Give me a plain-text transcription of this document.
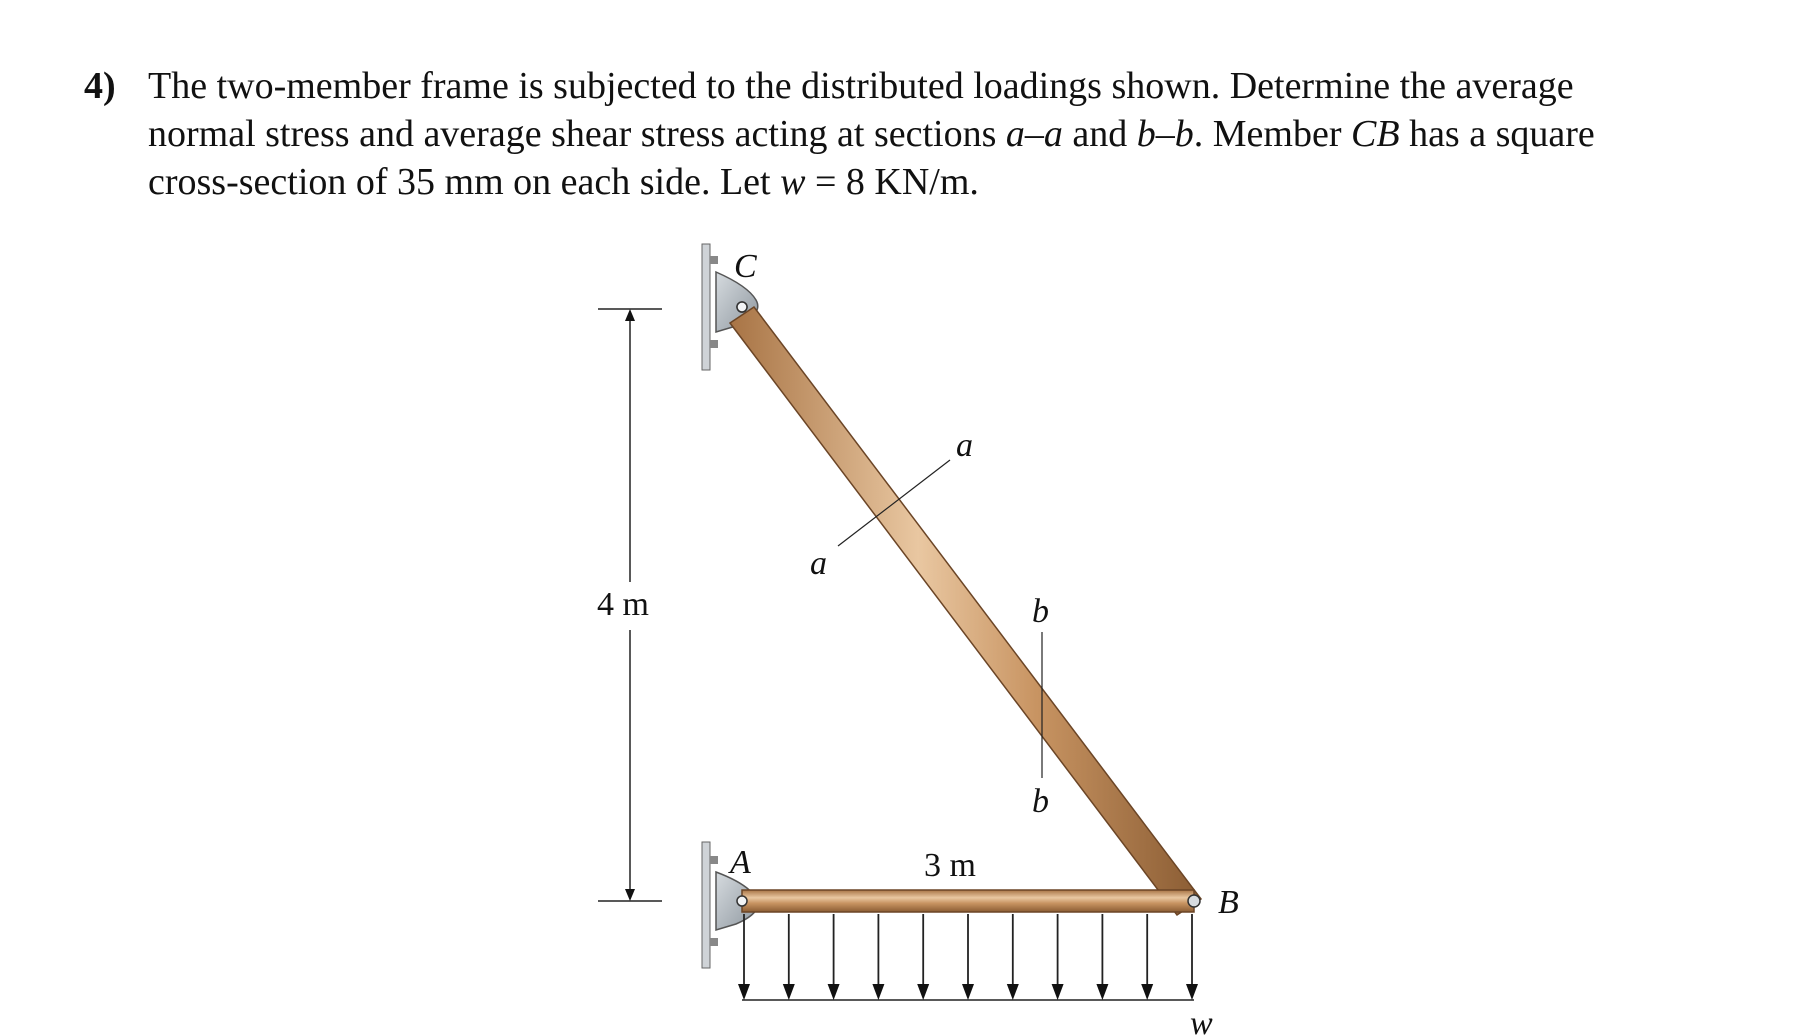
4) The two-member frame is subjected to the distributed loadings shown. Determine the average
normal stress and average shear stress acting at sections a–a and b–b. Member CB has a square
cross-section of 35 mm on each side. Let w = 8 KN/m.
4 m
C
A
B
3 m
a
a
b
b
w
